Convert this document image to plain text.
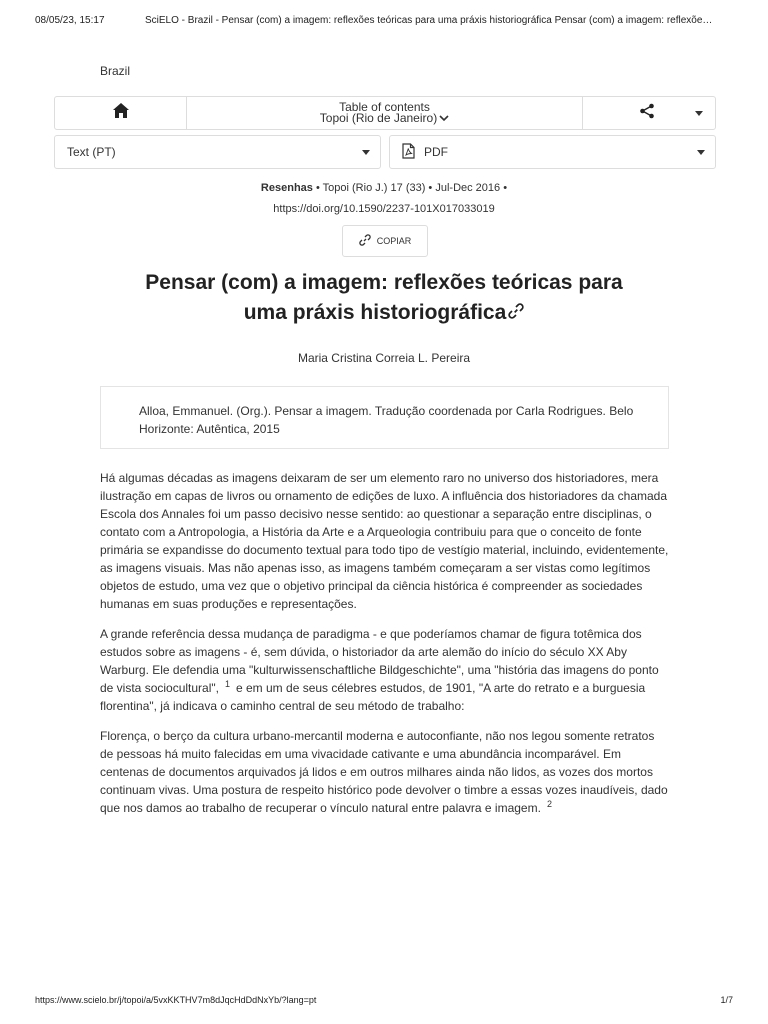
08/05/23, 15:17	SciELO - Brazil - Pensar (com) a imagem: reflexões teóricas para uma práxis historiográfica Pensar (com) a imagem: reflexõe…
Brazil
Table of contents
Topoi (Rio de Janeiro)
Text (PT)	PDF
Resenhas • Topoi (Rio J.) 17 (33) • Jul-Dec 2016 •
https://doi.org/10.1590/2237-101X017033019
COPIAR
Pensar (com) a imagem: reflexões teóricas para
uma práxis historiográfica
Maria Cristina Correia L. Pereira
Alloa, Emmanuel. (Org.). Pensar a imagem. Tradução coordenada por Carla Rodrigues. Belo Horizonte: Autêntica, 2015

Há algumas décadas as imagens deixaram de ser um elemento raro no universo dos historiadores, mera ilustração em capas de livros ou ornamento de edições de luxo. A influência dos historiadores da chamada Escola dos Annales foi um passo decisivo nesse sentido: ao questionar a separação entre disciplinas, o contato com a Antropologia, a História da Arte e a Arqueologia contribuiu para que o conceito de fonte primária se expandisse do documento textual para todo tipo de vestígio material, incluindo, evidentemente, as imagens visuais. Mas não apenas isso, as imagens também começaram a ser vistas como legítimos objetos de estudo, uma vez que o objetivo principal da ciência histórica é compreender as sociedades humanas em suas produções e representações.

A grande referência dessa mudança de paradigma - e que poderíamos chamar de figura totêmica dos estudos sobre as imagens - é, sem dúvida, o historiador da arte alemão do início do século XX Aby Warburg. Ele defendia uma "kulturwissenschaftliche Bildgeschichte", uma "história das imagens do ponto de vista sociocultural", $^1$ e em um de seus célebres estudos, de 1901, "A arte do retrato e a burguesia florentina", já indicava o caminho central de seu método de trabalho:

Florença, o berço da cultura urbano-mercantil moderna e autoconfiante, não nos legou somente retratos de pessoas há muito falecidas em uma vivacidade cativante e uma abundância incomparável. Em centenas de documentos arquivados já lidos e em outros milhares ainda não lidos, as vozes dos mortos continuam vivas. Uma postura de respeito histórico pode devolver o timbre a essas vozes inaudíveis, dado que nos damos ao trabalho de recuperar o vínculo natural entre palavra e imagem. $^2$

https://www.scielo.br/j/topoi/a/5vxKKTHV7m8dJqcHdDdNxYb/?lang=pt	1/7
